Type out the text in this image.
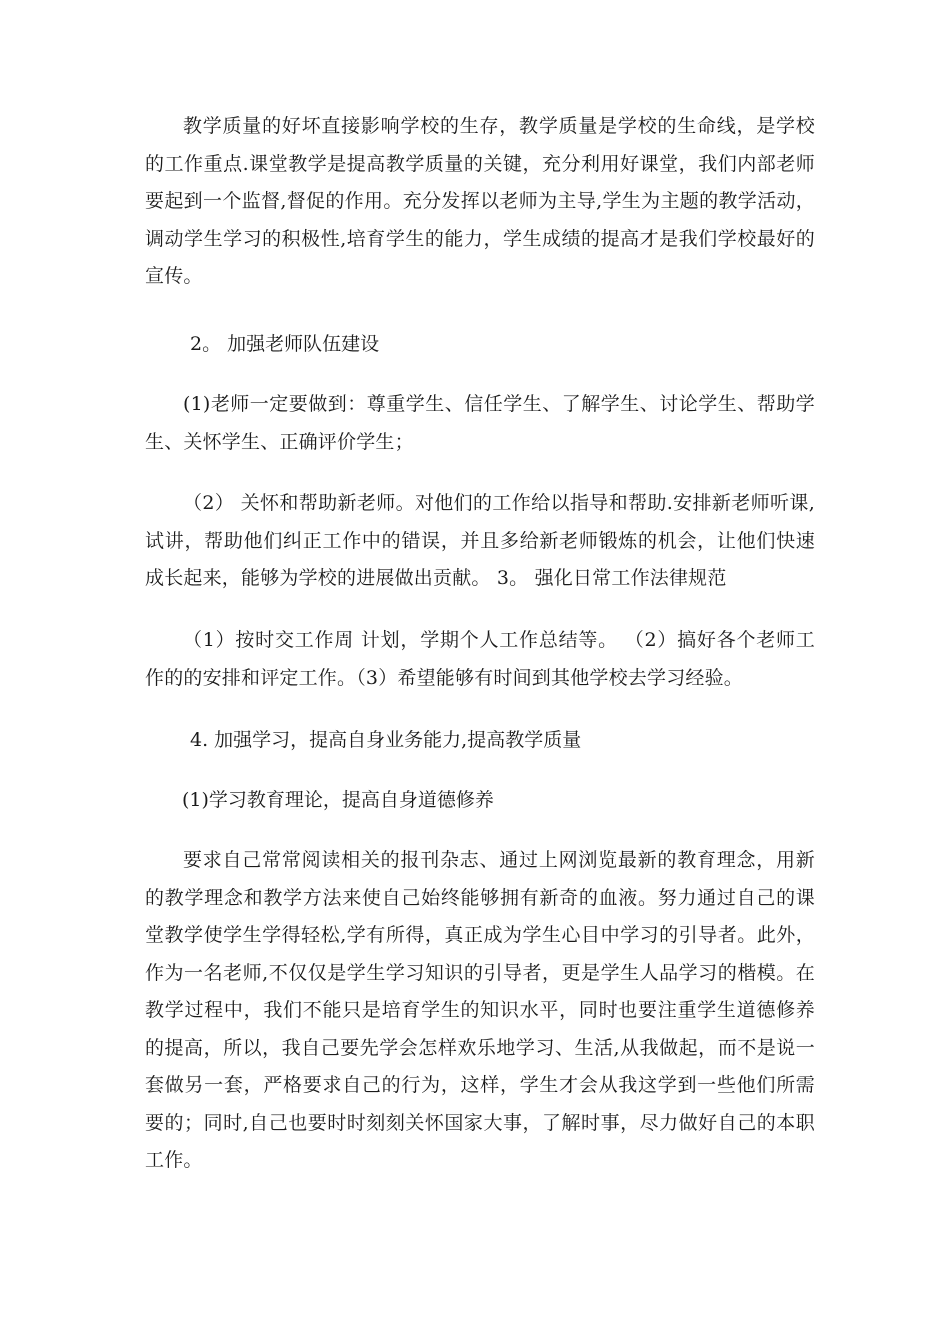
教学质量的好坏直接影响学校的生存，教学质量是学校的生命线，是学校的工作重点.课堂教学是提高教学质量的关键，充分利用好课堂，我们内部老师要起到一个监督,督促的作用。充分发挥以老师为主导,学生为主题的教学活动，调动学生学习的积极性,培育学生的能力，学生成绩的提高才是我们学校最好的宣传。

2。 加强老师队伍建设

(1)老师一定要做到：尊重学生、信任学生、了解学生、讨论学生、帮助学生、关怀学生、正确评价学生；

（2） 关怀和帮助新老师。对他们的工作给以指导和帮助.安排新老师听课,试讲，帮助他们纠正工作中的错误，并且多给新老师锻炼的机会，让他们快速成长起来，能够为学校的进展做出贡献。 3。 强化日常工作法律规范

（1）按时交工作周 计划，学期个人工作总结等。 （2）搞好各个老师工作的的安排和评定工作。（3）希望能够有时间到其他学校去学习经验。

4. 加强学习，提高自身业务能力,提高教学质量

(1)学习教育理论，提高自身道德修养

要求自己常常阅读相关的报刊杂志、通过上网浏览最新的教育理念，用新的教学理念和教学方法来使自己始终能够拥有新奇的血液。努力通过自己的课堂教学使学生学得轻松,学有所得，真正成为学生心目中学习的引导者。此外，作为一名老师,不仅仅是学生学习知识的引导者，更是学生人品学习的楷模。在教学过程中，我们不能只是培育学生的知识水平，同时也要注重学生道德修养的提高，所以，我自己要先学会怎样欢乐地学习、生活,从我做起，而不是说一套做另一套，严格要求自己的行为，这样，学生才会从我这学到一些他们所需要的；同时,自己也要时时刻刻关怀国家大事，了解时事，尽力做好自己的本职工作。
